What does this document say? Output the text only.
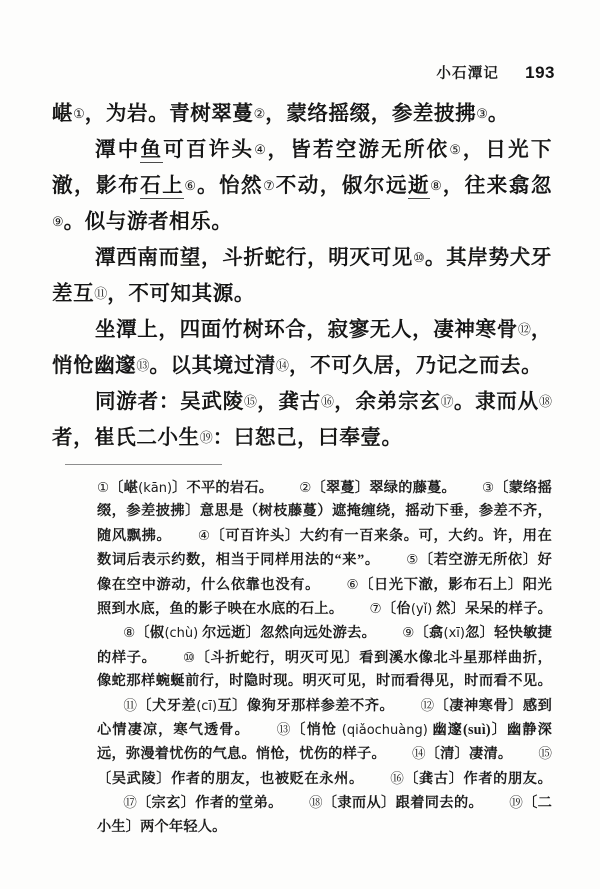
小石潭记 193

嵁①，为岩。青树翠蔓②，蒙络摇缀，参差披拂③。

潭中鱼可百许头④，皆若空游无所依⑤，日光下澈，影布石上⑥。怡然⑦不动，俶尔远逝⑧，往来翕忽⑨。似与游者相乐。

潭西南而望，斗折蛇行，明灭可见⑩。其岸势犬牙差互⑪，不可知其源。

坐潭上，四面竹树环合，寂寥无人，凄神寒骨⑫，悄怆幽邃⑬。以其境过清⑭，不可久居，乃记之而去。

同游者：吴武陵⑮，龚古⑯，余弟宗玄⑰。隶而从⑱者，崔氏二小生⑲：曰恕己，曰奉壹。

①〔嵁(kān)〕不平的岩石。 ②〔翠蔓〕翠绿的藤蔓。 ③〔蒙络摇缀，参差披拂〕意思是（树枝藤蔓）遮掩缠绕，摇动下垂，参差不齐，随风飘拂。 ④〔可百许头〕大约有一百来条。可，大约。许，用在数词后表示约数，相当于同样用法的“来”。 ⑤〔若空游无所依〕好像在空中游动，什么依靠也没有。 ⑥〔日光下澈，影布石上〕阳光照到水底，鱼的影子映在水底的石上。 ⑦〔佁(yǐ) 然〕呆呆的样子。⑧〔俶(chù) 尔远逝〕忽然向远处游去。 ⑨〔翕(xī)忽〕轻快敏捷的样子。 ⑩〔斗折蛇行，明灭可见〕看到溪水像北斗星那样曲折，像蛇那样蜿蜒前行，时隐时现。明灭可见，时而看得见，时而看不见。⑪〔犬牙差(cī)互〕像狗牙那样参差不齐。 ⑫〔凄神寒骨〕感到心情凄凉，寒气透骨。 ⑬〔悄怆 (qiǎochuàng) 幽邃(suì)〕幽静深远，弥漫着忧伤的气息。悄怆，忧伤的样子。 ⑭〔清〕凄清。 ⑮〔吴武陵〕作者的朋友，也被贬在永州。 ⑯〔龚古〕作者的朋友。⑰〔宗玄〕作者的堂弟。 ⑱〔隶而从〕跟着同去的。 ⑲〔二小生〕两个年轻人。
